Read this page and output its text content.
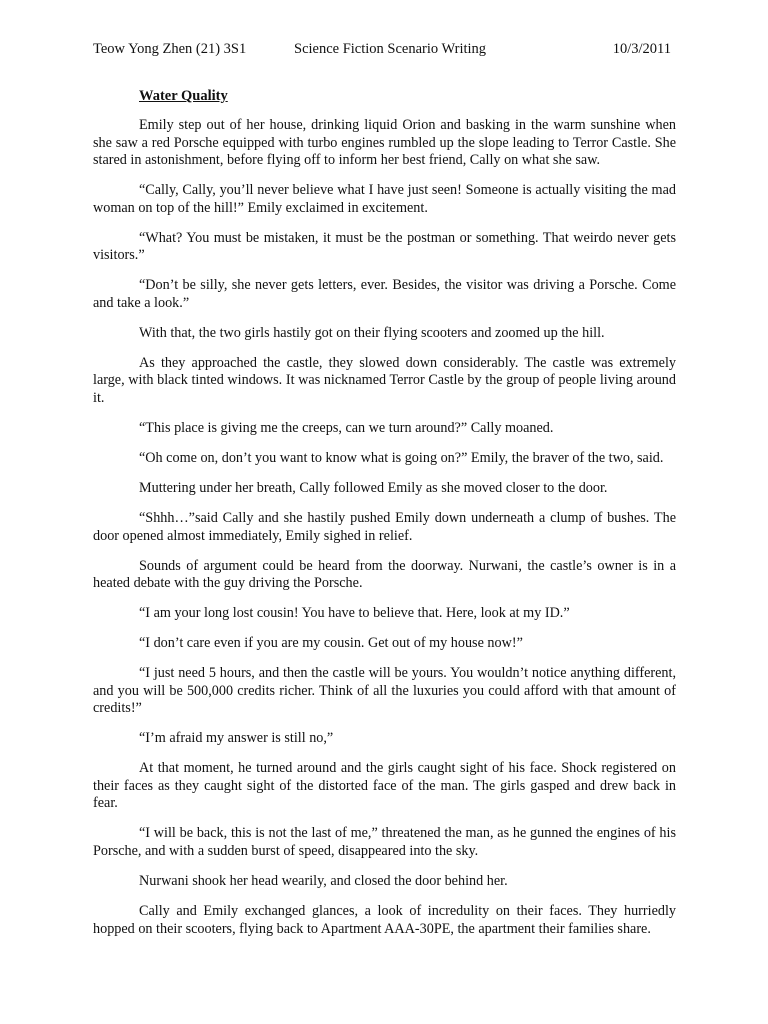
Teow Yong Zhen (21) 3S1	Science Fiction Scenario Writing	10/3/2011
Water Quality

Emily step out of her house, drinking liquid Orion and basking in the warm sunshine when she saw a red Porsche equipped with turbo engines rumbled up the slope leading to Terror Castle. She stared in astonishment, before flying off to inform her best friend, Cally on what she saw.

“Cally, Cally, you’ll never believe what I have just seen! Someone is actually visiting the mad woman on top of the hill!” Emily exclaimed in excitement.

“What? You must be mistaken, it must be the postman or something. That weirdo never gets visitors.”

“Don’t be silly, she never gets letters, ever. Besides, the visitor was driving a Porsche. Come and take a look.”

With that, the two girls hastily got on their flying scooters and zoomed up the hill.

As they approached the castle, they slowed down considerably. The castle was extremely large, with black tinted windows. It was nicknamed Terror Castle by the group of people living around it.

“This place is giving me the creeps, can we turn around?” Cally moaned.

“Oh come on, don’t you want to know what is going on?” Emily, the braver of the two, said.

Muttering under her breath, Cally followed Emily as she moved closer to the door.

“Shhh…”said Cally and she hastily pushed Emily down underneath a clump of bushes. The door opened almost immediately, Emily sighed in relief.

Sounds of argument could be heard from the doorway. Nurwani, the castle’s owner is in a heated debate with the guy driving the Porsche.

“I am your long lost cousin! You have to believe that. Here, look at my ID.”

“I don’t care even if you are my cousin. Get out of my house now!”

“I just need 5 hours, and then the castle will be yours. You wouldn’t notice anything different, and you will be 500,000 credits richer. Think of all the luxuries you could afford with that amount of credits!”

“I’m afraid my answer is still no,”

At that moment, he turned around and the girls caught sight of his face. Shock registered on their faces as they caught sight of the distorted face of the man. The girls gasped and drew back in fear.

“I will be back, this is not the last of me,” threatened the man, as he gunned the engines of his Porsche, and with a sudden burst of speed, disappeared into the sky.

Nurwani shook her head wearily, and closed the door behind her.

Cally and Emily exchanged glances, a look of incredulity on their faces. They hurriedly hopped on their scooters, flying back to Apartment AAA-30PE, the apartment their families share.
